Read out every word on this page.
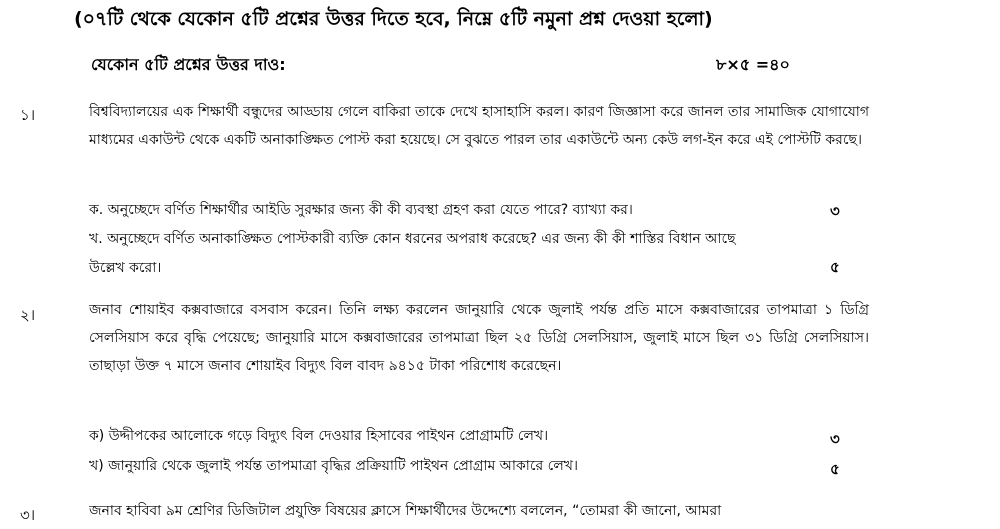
(০৭টি থেকে যেকোন ৫টি প্রশ্নের উত্তর দিতে হবে, নিম্নে ৫টি নমুনা প্রশ্ন দেওয়া হলো)
যেকোন ৫টি প্রশ্নের উত্তর দাও:	৮×৫ =৪০
১।	বিশ্ববিদ্যালয়ের এক শিক্ষার্থী বন্ধুদের আড্ডায় গেলে বাকিরা তাকে দেখে হাসাহাসি করল। কারণ জিজ্ঞাসা করে জানল তার সামাজিক যোগাযোগ মাধ্যমের একাউন্ট থেকে একটি অনাকাঙ্ক্ষিত পোস্ট করা হয়েছে। সে বুঝতে পারল তার একাউন্টে অন্য কেউ লগ-ইন করে এই পোস্টটি করছে।
ক. অনুচ্ছেদে বর্ণিত শিক্ষার্থীর আইডি সুরক্ষার জন্য কী কী ব্যবস্থা গ্রহণ করা যেতে পারে? ব্যাখ্যা কর।	৩
খ. অনুচ্ছেদে বর্ণিত অনাকাঙ্ক্ষিত পোস্টকারী ব্যক্তি কোন ধরনের অপরাধ করেছে? এর জন্য কী কী শাস্তির বিধান আছে উল্লেখ করো।	৫
২।	জনাব শোয়াইব কক্সবাজারে বসবাস করেন। তিনি লক্ষ্য করলেন জানুয়ারি থেকে জুলাই পর্যন্ত প্রতি মাসে কক্সবাজারের তাপমাত্রা ১ ডিগ্রি সেলসিয়াস করে বৃদ্ধি পেয়েছে; জানুয়ারি মাসে কক্সবাজারের তাপমাত্রা ছিল ২৫ ডিগ্রি সেলসিয়াস, জুলাই মাসে ছিল ৩১ ডিগ্রি সেলসিয়াস। তাছাড়া উক্ত ৭ মাসে জনাব শোয়াইব বিদ্যুৎ বিল বাবদ ৯৪১৫ টাকা পরিশোধ করেছেন।
ক) উদ্দীপকের আলোকে গড়ে বিদ্যুৎ বিল দেওয়ার হিসাবের পাইথন প্রোগ্রামটি লেখ।	৩
খ) জানুয়ারি থেকে জুলাই পর্যন্ত তাপমাত্রা বৃদ্ধির প্রক্রিয়াটি পাইথন প্রোগ্রাম আকারে লেখ।	৫
৩।	জনাব হাবিবা ৯ম শ্রেণির ডিজিটাল প্রযুক্তি বিষয়ের ক্লাসে শিক্ষার্থীদের উদ্দেশ্যে বললেন, “তোমরা কী জানো, আমরা
